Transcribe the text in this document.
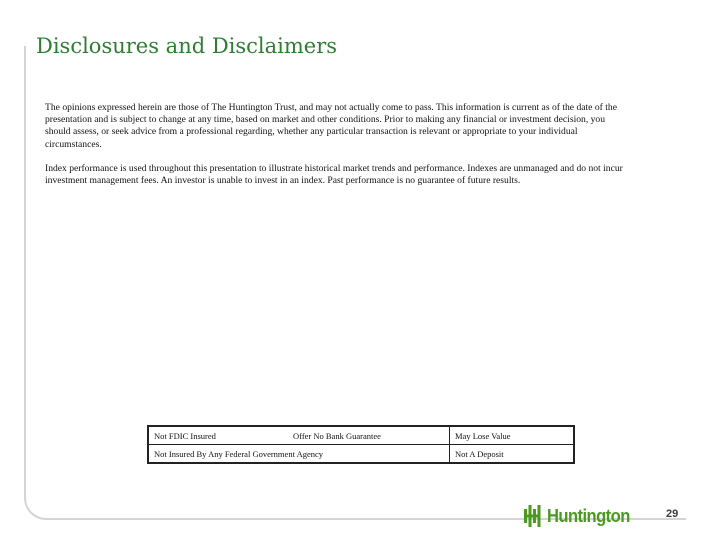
Disclosures and Disclaimers

The opinions expressed herein are those of The Huntington Trust, and may not actually come to pass. This information is current as of the date of the presentation and is subject to change at any time, based on market and other conditions. Prior to making any financial or investment decision, you should assess, or seek advice from a professional regarding, whether any particular transaction is relevant or appropriate to your individual circumstances.

Index performance is used throughout this presentation to illustrate historical market trends and performance. Indexes are unmanaged and do not incur investment management fees. An investor is unable to invest in an index. Past performance is no guarantee of future results.

Not FDIC Insured	Offer No Bank Guarantee	May Lose Value
Not Insured By Any Federal Government Agency	Not A Deposit
Huntington	29
